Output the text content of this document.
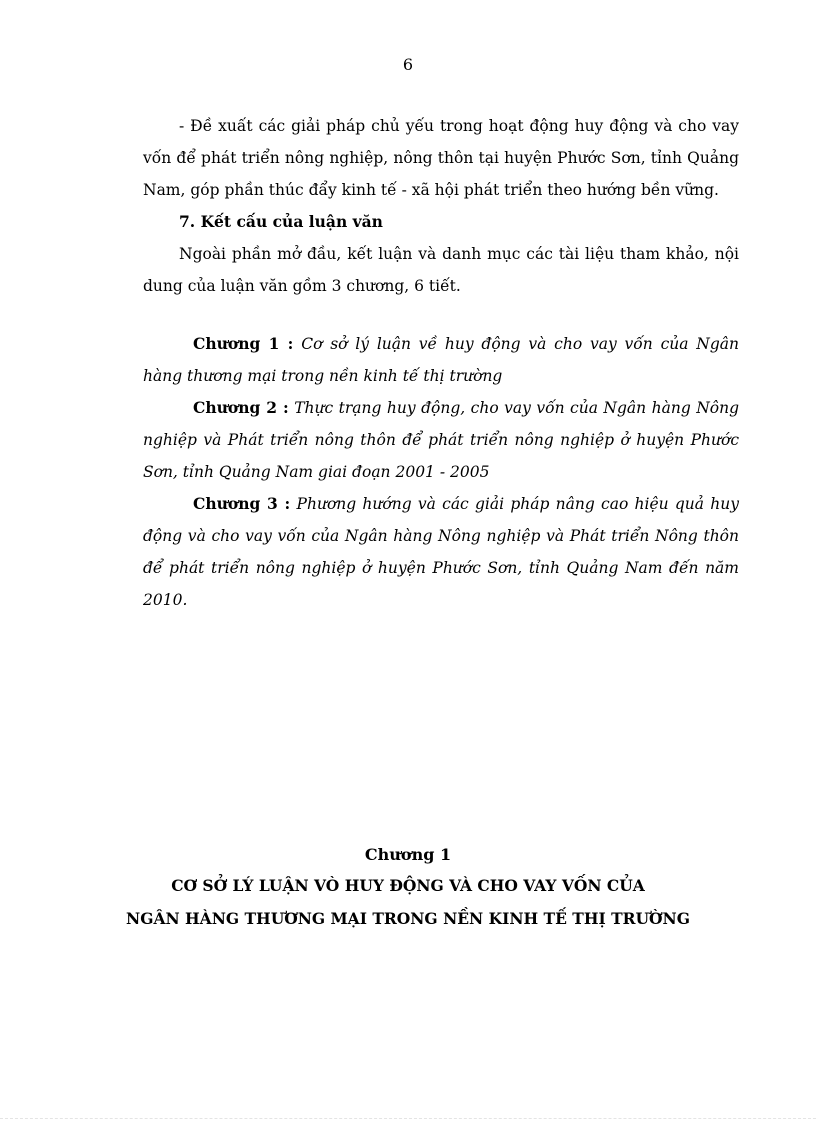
6

- Đề xuất các giải pháp chủ yếu trong hoạt động huy động và cho vay vốn để phát triển nông nghiệp, nông thôn tại huyện Phước Sơn, tỉnh Quảng Nam, góp phần thúc đẩy kinh tế - xã hội phát triển theo hướng bền vững.

7. Kết cấu của luận văn

Ngoài phần mở đầu, kết luận và danh mục các tài liệu tham khảo, nội dung của luận văn gồm 3 chương, 6 tiết.

Chương 1 : Cơ sở lý luận về huy động và cho vay vốn của Ngân hàng thương mại trong nền kinh tế thị trường

Chương 2 : Thực trạng huy động, cho vay vốn của Ngân hàng Nông nghiệp và Phát triển nông thôn để phát triển nông nghiệp ở huyện Phước Sơn, tỉnh Quảng Nam giai đoạn 2001 - 2005

Chương 3 : Phương hướng và các giải pháp nâng cao hiệu quả huy động và cho vay vốn của Ngân hàng Nông nghiệp và Phát triển Nông thôn để phát triển nông nghiệp ở huyện Phước Sơn, tỉnh Quảng Nam đến năm 2010.

Chương 1
CƠ SỞ LÝ LUẬN VÒ HUY ĐỘNG VÀ CHO VAY VỐN CỦA
NGÂN HÀNG THƯƠNG MẠI TRONG NỀN KINH TẾ THỊ TRƯỜNG
